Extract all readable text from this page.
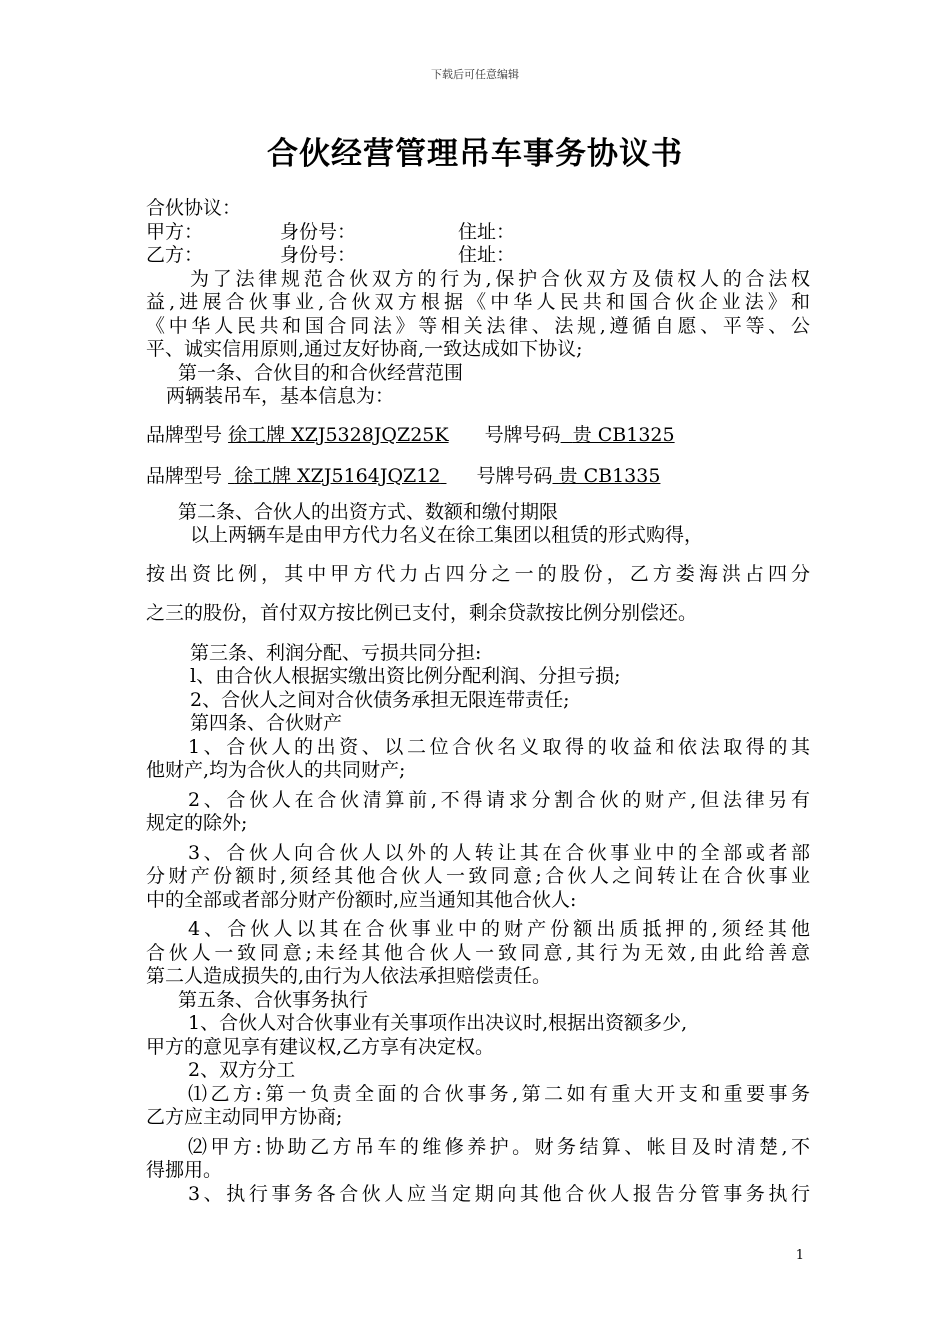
下载后可任意编辑
合伙经营管理吊车事务协议书
合伙协议：
甲方：	身份号：	住址：
乙方：	身份号：	住址：
为了法律规范合伙双方的行为,保护合伙双方及债权人的合法权
益,进展合伙事业,合伙双方根据《中华人民共和国合伙企业法》和
《中华人民共和国合同法》等相关法律、法规,遵循自愿、平等、公
平、诚实信用原则,通过友好协商,一致达成如下协议;
第一条、合伙目的和合伙经营范围
两辆装吊车，基本信息为：
品牌型号 徐工牌 XZJ5328JQZ25K 号牌号码 贵 CB1325
品牌型号 徐工牌 XZJ5164JQZ12 号牌号码 贵 CB1335
第二条、合伙人的出资方式、数额和缴付期限
以上两辆车是由甲方代力名义在徐工集团以租赁的形式购得，
按出资比例，其中甲方代力占四分之一的股份，乙方娄海洪占四分
之三的股份，首付双方按比例已支付，剩余贷款按比例分别偿还。
第三条、利润分配、亏损共同分担:
l、由合伙人根据实缴出资比例分配利润、分担亏损;
2、合伙人之间对合伙债务承担无限连带责任;
第四条、合伙财产
1、合伙人的出资、以二位合伙名义取得的收益和依法取得的其
他财产,均为合伙人的共同财产;
2、合伙人在合伙清算前,不得请求分割合伙的财产,但法律另有
规定的除外;
3、合伙人向合伙人以外的人转让其在合伙事业中的全部或者部
分财产份额时,须经其他合伙人一致同意;合伙人之间转让在合伙事业
中的全部或者部分财产份额时,应当通知其他合伙人:
4、合伙人以其在合伙事业中的财产份额出质抵押的,须经其他
合伙人一致同意;未经其他合伙人一致同意,其行为无效,由此给善意
第二人造成损失的,由行为人依法承担赔偿责任。
第五条、合伙事务执行
1、合伙人对合伙事业有关事项作出决议时,根据出资额多少,
甲方的意见享有建议权,乙方享有决定权。
2、双方分工
⑴乙方:第一负责全面的合伙事务,第二如有重大开支和重要事务
乙方应主动同甲方协商;
⑵甲方:协助乙方吊车的维修养护。财务结算、帐目及时清楚,不
得挪用。
3、执行事务各合伙人应当定期向其他合伙人报告分管事务执行
1
